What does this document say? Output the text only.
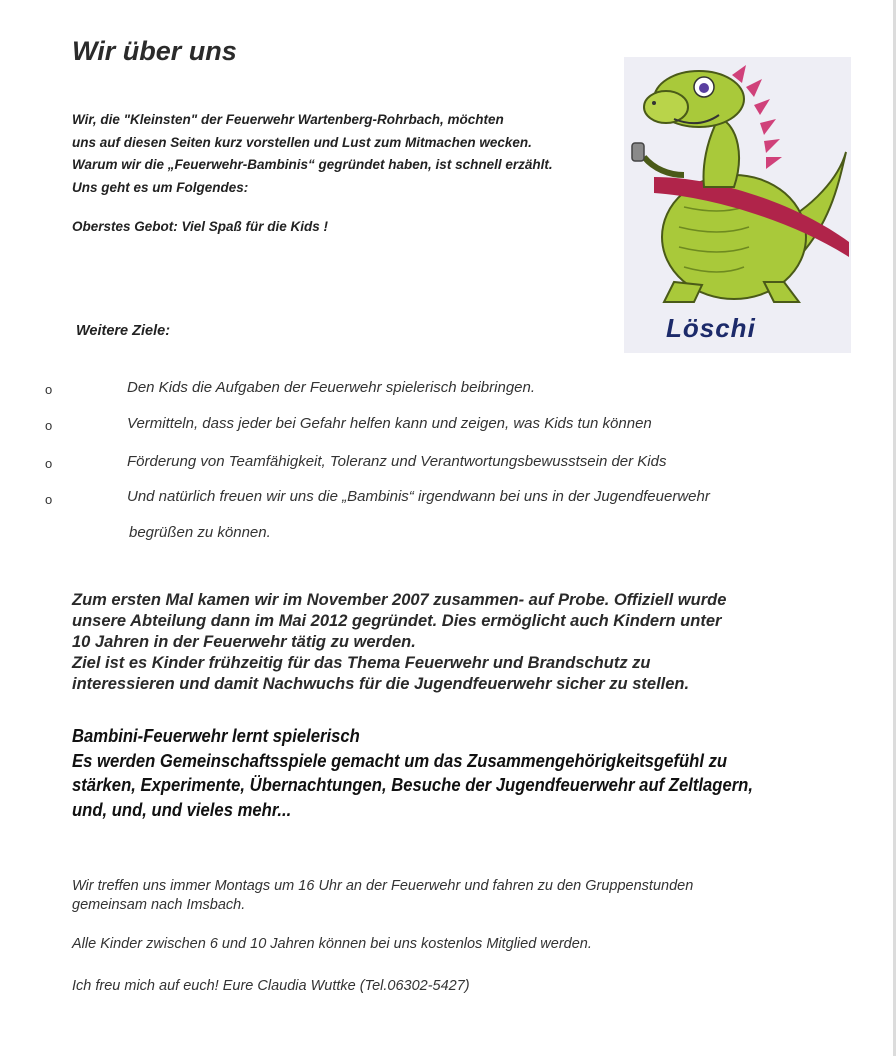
Wir über uns

Wir, die "Kleinsten" der Feuerwehr Wartenberg-Rohrbach, möchten

uns auf diesen Seiten kurz vorstellen und Lust zum Mitmachen wecken.

Warum wir die „Feuerwehr-Bambinis“ gegründet haben, ist schnell erzählt.

Uns geht es um Folgendes:

Oberstes Gebot: Viel Spaß für die Kids !
Löschi
Weitere Ziele:
o	Den Kids die Aufgaben der Feuerwehr spielerisch beibringen.
o	Vermitteln, dass jeder bei Gefahr helfen kann und zeigen, was Kids tun können
o	Förderung von Teamfähigkeit, Toleranz und Verantwortungsbewusstsein der Kids
o	Und natürlich freuen wir uns die „Bambinis“ irgendwann bei uns in der Jugendfeuerwehr
begrüßen zu können.

Zum ersten Mal kamen wir im November 2007 zusammen- auf Probe. Offiziell wurde

unsere Abteilung dann im Mai 2012 gegründet. Dies ermöglicht auch Kindern unter

10 Jahren in der Feuerwehr tätig zu werden.

Ziel ist es Kinder frühzeitig für das Thema Feuerwehr und Brandschutz zu

interessieren und damit Nachwuchs für die Jugendfeuerwehr sicher zu stellen.

Bambini-Feuerwehr lernt spielerisch

Es werden Gemeinschaftsspiele gemacht um das Zusammengehörigkeitsgefühl zu

stärken, Experimente, Übernachtungen, Besuche der Jugendfeuerwehr auf Zeltlagern,

und, und, und vieles mehr...

Wir treffen uns immer Montags um 16 Uhr an der Feuerwehr und fahren zu den Gruppenstunden

gemeinsam nach Imsbach.

Alle Kinder zwischen 6 und 10 Jahren können bei uns kostenlos Mitglied werden.
Ich freu mich auf euch! Eure Claudia Wuttke (Tel.06302-5427)
